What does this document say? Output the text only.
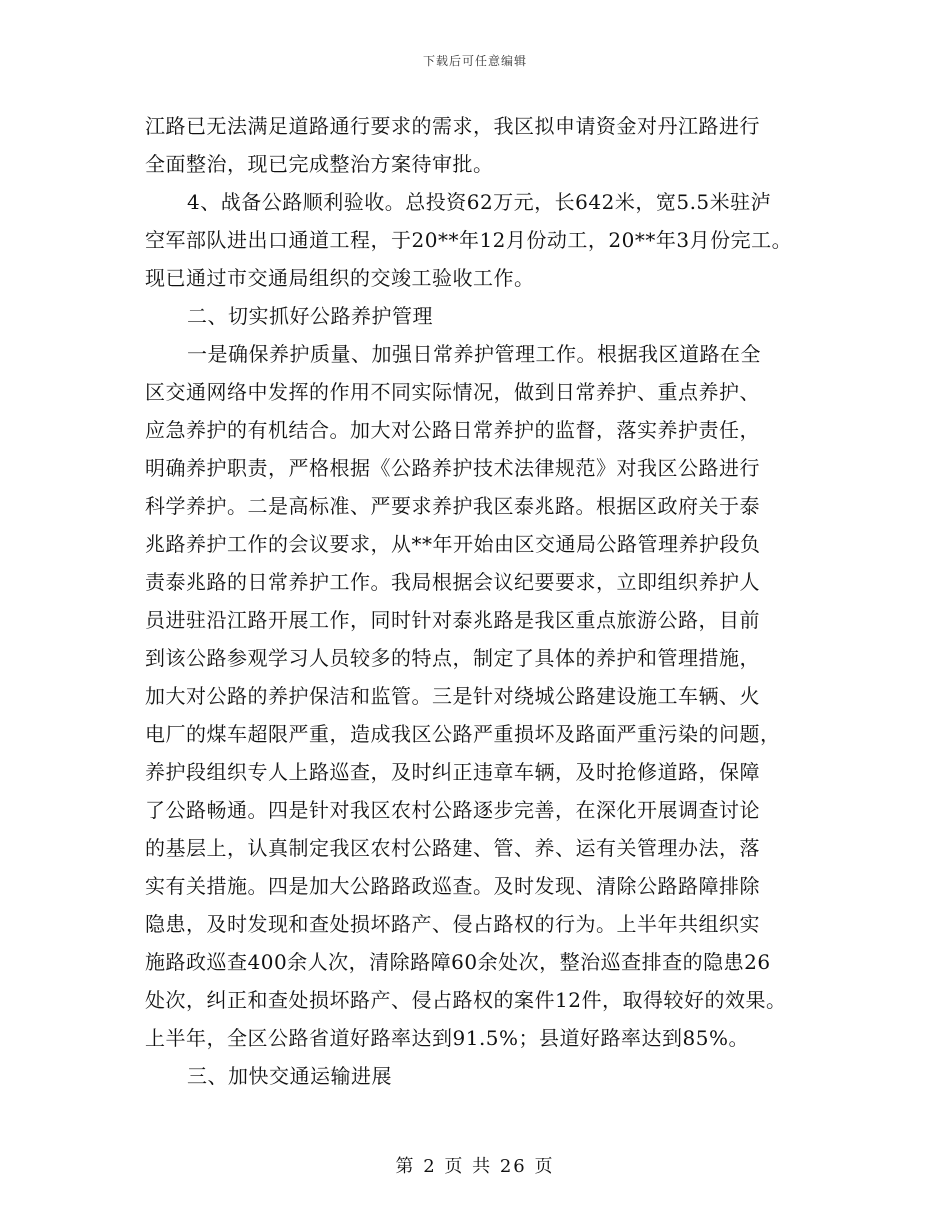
下载后可任意编辑
江路已无法满足道路通行要求的需求，我区拟申请资金对丹江路进行
全面整治，现已完成整治方案待审批。
4、战备公路顺利验收。总投资62万元，长642米，宽5.5米驻泸
空军部队进出口通道工程，于20**年12月份动工，20**年3月份完工。
现已通过市交通局组织的交竣工验收工作。
二、切实抓好公路养护管理
一是确保养护质量、加强日常养护管理工作。根据我区道路在全
区交通网络中发挥的作用不同实际情况，做到日常养护、重点养护、
应急养护的有机结合。加大对公路日常养护的监督，落实养护责任，
明确养护职责，严格根据《公路养护技术法律规范》对我区公路进行
科学养护。二是高标准、严要求养护我区泰兆路。根据区政府关于泰
兆路养护工作的会议要求，从**年开始由区交通局公路管理养护段负
责泰兆路的日常养护工作。我局根据会议纪要要求，立即组织养护人
员进驻沿江路开展工作，同时针对泰兆路是我区重点旅游公路，目前
到该公路参观学习人员较多的特点，制定了具体的养护和管理措施，
加大对公路的养护保洁和监管。三是针对绕城公路建设施工车辆、火
电厂的煤车超限严重，造成我区公路严重损坏及路面严重污染的问题，
养护段组织专人上路巡查，及时纠正违章车辆，及时抢修道路，保障
了公路畅通。四是针对我区农村公路逐步完善，在深化开展调查讨论
的基层上，认真制定我区农村公路建、管、养、运有关管理办法，落
实有关措施。四是加大公路路政巡查。及时发现、清除公路路障排除
隐患，及时发现和查处损坏路产、侵占路权的行为。上半年共组织实
施路政巡查400余人次，清除路障60余处次，整治巡查排查的隐患26
处次，纠正和查处损坏路产、侵占路权的案件12件，取得较好的效果。
上半年，全区公路省道好路率达到91.5%；县道好路率达到85%。
三、加快交通运输进展
第 2 页 共 26 页
